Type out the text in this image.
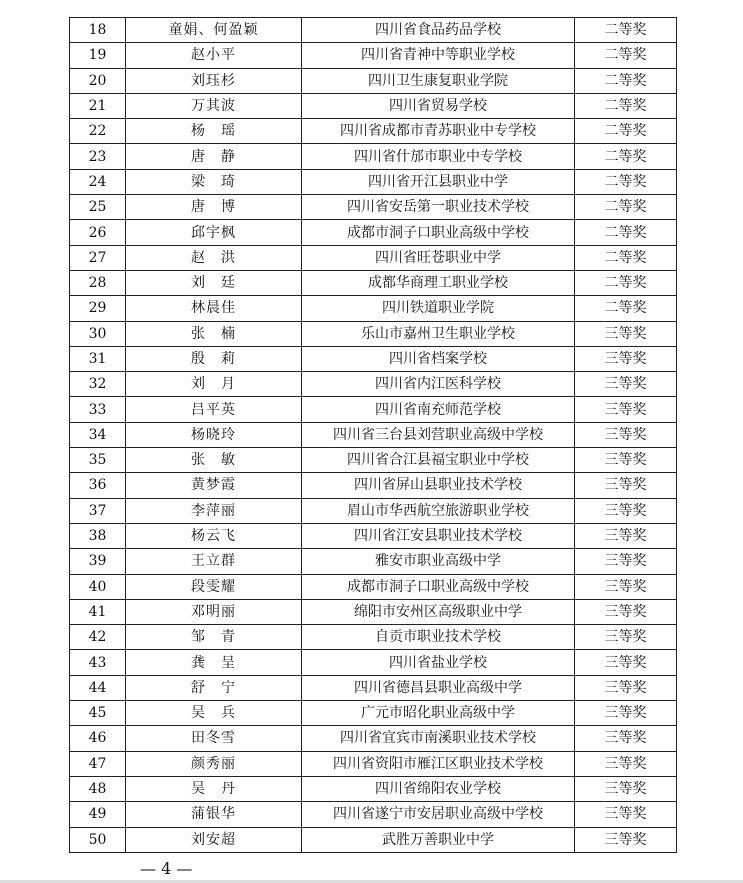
18	童娟、何盈颖	四川省食品药品学校	二等奖
19	赵小平	四川省青神中等职业学校	二等奖
20	刘珏杉	四川卫生康复职业学院	二等奖
21	万其波	四川省贸易学校	二等奖
22	杨　瑶	四川省成都市青苏职业中专学校	二等奖
23	唐　静	四川省什邡市职业中专学校	二等奖
24	梁　琦	四川省开江县职业中学	二等奖
25	唐　博	四川省安岳第一职业技术学校	二等奖
26	邱宇枫	成都市洞子口职业高级中学校	二等奖
27	赵　洪	四川省旺苍职业中学	二等奖
28	刘　廷	成都华商理工职业学校	二等奖
29	林晨佳	四川铁道职业学院	二等奖
30	张　楠	乐山市嘉州卫生职业学校	三等奖
31	殷　莉	四川省档案学校	三等奖
32	刘　月	四川省内江医科学校	三等奖
33	吕平英	四川省南充师范学校	三等奖
34	杨晓玲	四川省三台县刘营职业高级中学校	三等奖
35	张　敏	四川省合江县福宝职业中学校	三等奖
36	黄梦霞	四川省屏山县职业技术学校	三等奖
37	李萍丽	眉山市华西航空旅游职业学校	三等奖
38	杨云飞	四川省江安县职业技术学校	三等奖
39	王立群	雅安市职业高级中学	三等奖
40	段雯耀	成都市洞子口职业高级中学校	三等奖
41	邓明丽	绵阳市安州区高级职业中学	三等奖
42	邹　青	自贡市职业技术学校	三等奖
43	龚　呈	四川省盐业学校	三等奖
44	舒　宁	四川省德昌县职业高级中学	三等奖
45	吴　兵	广元市昭化职业高级中学	三等奖
46	田冬雪	四川省宜宾市南溪职业技术学校	三等奖
47	颜秀丽	四川省资阳市雁江区职业技术学校	三等奖
48	吴　丹	四川省绵阳农业学校	三等奖
49	蒲银华	四川省遂宁市安居职业高级中学校	三等奖
50	刘安超	武胜万善职业中学	三等奖
— 4 —
